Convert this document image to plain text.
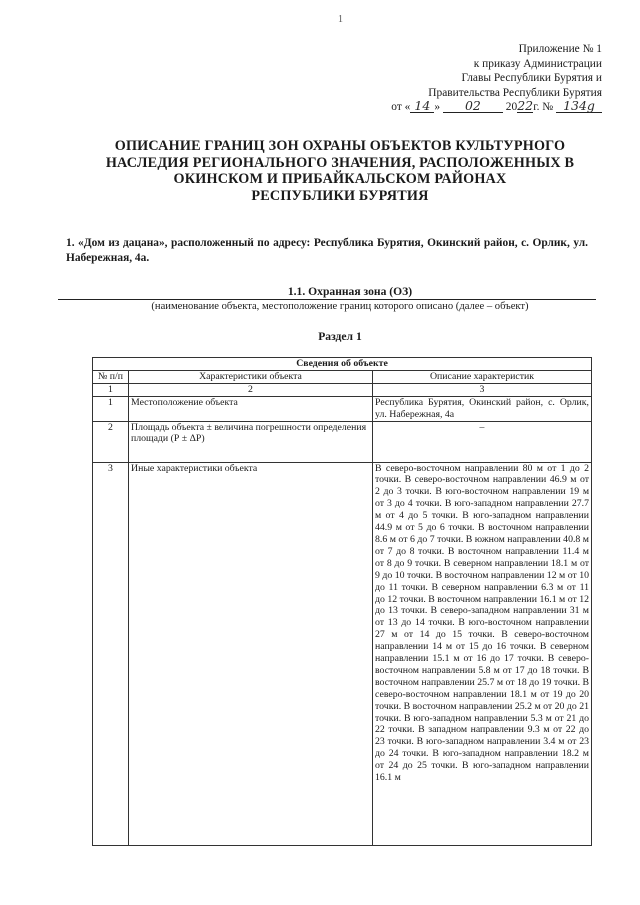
1
Приложение № 1
к приказу Администрации
Главы Республики Бурятия и
Правительства Республики Бурятия
от « 14 » 02 2022г. № 134g
ОПИСАНИЕ ГРАНИЦ ЗОН ОХРАНЫ ОБЪЕКТОВ КУЛЬТУРНОГО
НАСЛЕДИЯ РЕГИОНАЛЬНОГО ЗНАЧЕНИЯ, РАСПОЛОЖЕННЫХ В
ОКИНСКОМ И ПРИБАЙКАЛЬСКОМ РАЙОНАХ
РЕСПУБЛИКИ БУРЯТИЯ
1. «Дом из дацана», расположенный по адресу: Республика Бурятия, Окинский район, с. Орлик, ул. Набережная, 4а.
1.1. Охранная зона (ОЗ)
(наименование объекта, местоположение границ которого описано (далее – объект)
Раздел 1
Сведения об объекте		
№ п/п	Характеристики объекта	Описание характеристик
1	2	3
1	Местоположение объекта	Республика Бурятия, Окинский район, с. Орлик, ул. Набережная, 4а
2	Площадь объекта ± величина погрешности определения площади (Р ± ΔР)	–
3	Иные характеристики объекта	В северо-восточном направлении 80 м от 1 до 2 точки. В северо-восточном направлении 46.9 м от 2 до 3 точки. В юго-восточном направлении 19 м от 3 до 4 точки. В юго-западном направлении 27.7 м от 4 до 5 точки. В юго-западном направлении 44.9 м от 5 до 6 точки. В восточном направлении 8.6 м от 6 до 7 точки. В южном направлении 40.8 м от 7 до 8 точки. В восточном направлении 11.4 м от 8 до 9 точки. В северном направлении 18.1 м от 9 до 10 точки. В восточном направлении 12 м от 10 до 11 точки. В северном направлении 6.3 м от 11 до 12 точки. В восточном направлении 16.1 м от 12 до 13 точки. В северо-западном направлении 31 м от 13 до 14 точки. В юго-восточном направлении 27 м от 14 до 15 точки. В северо-восточном направлении 14 м от 15 до 16 точки. В северном направлении 15.1 м от 16 до 17 точки. В северо-восточном направлении 5.8 м от 17 до 18 точки. В восточном направлении 25.7 м от 18 до 19 точки. В северо-восточном направлении 18.1 м от 19 до 20 точки. В восточном направлении 25.2 м от 20 до 21 точки. В юго-западном направлении 5.3 м от 21 до 22 точки. В западном направлении 9.3 м от 22 до 23 точки. В юго-западном направлении 3.4 м от 23 до 24 точки. В юго-западном направлении 18.2 м от 24 до 25 точки. В юго-западном направлении 16.1 м
